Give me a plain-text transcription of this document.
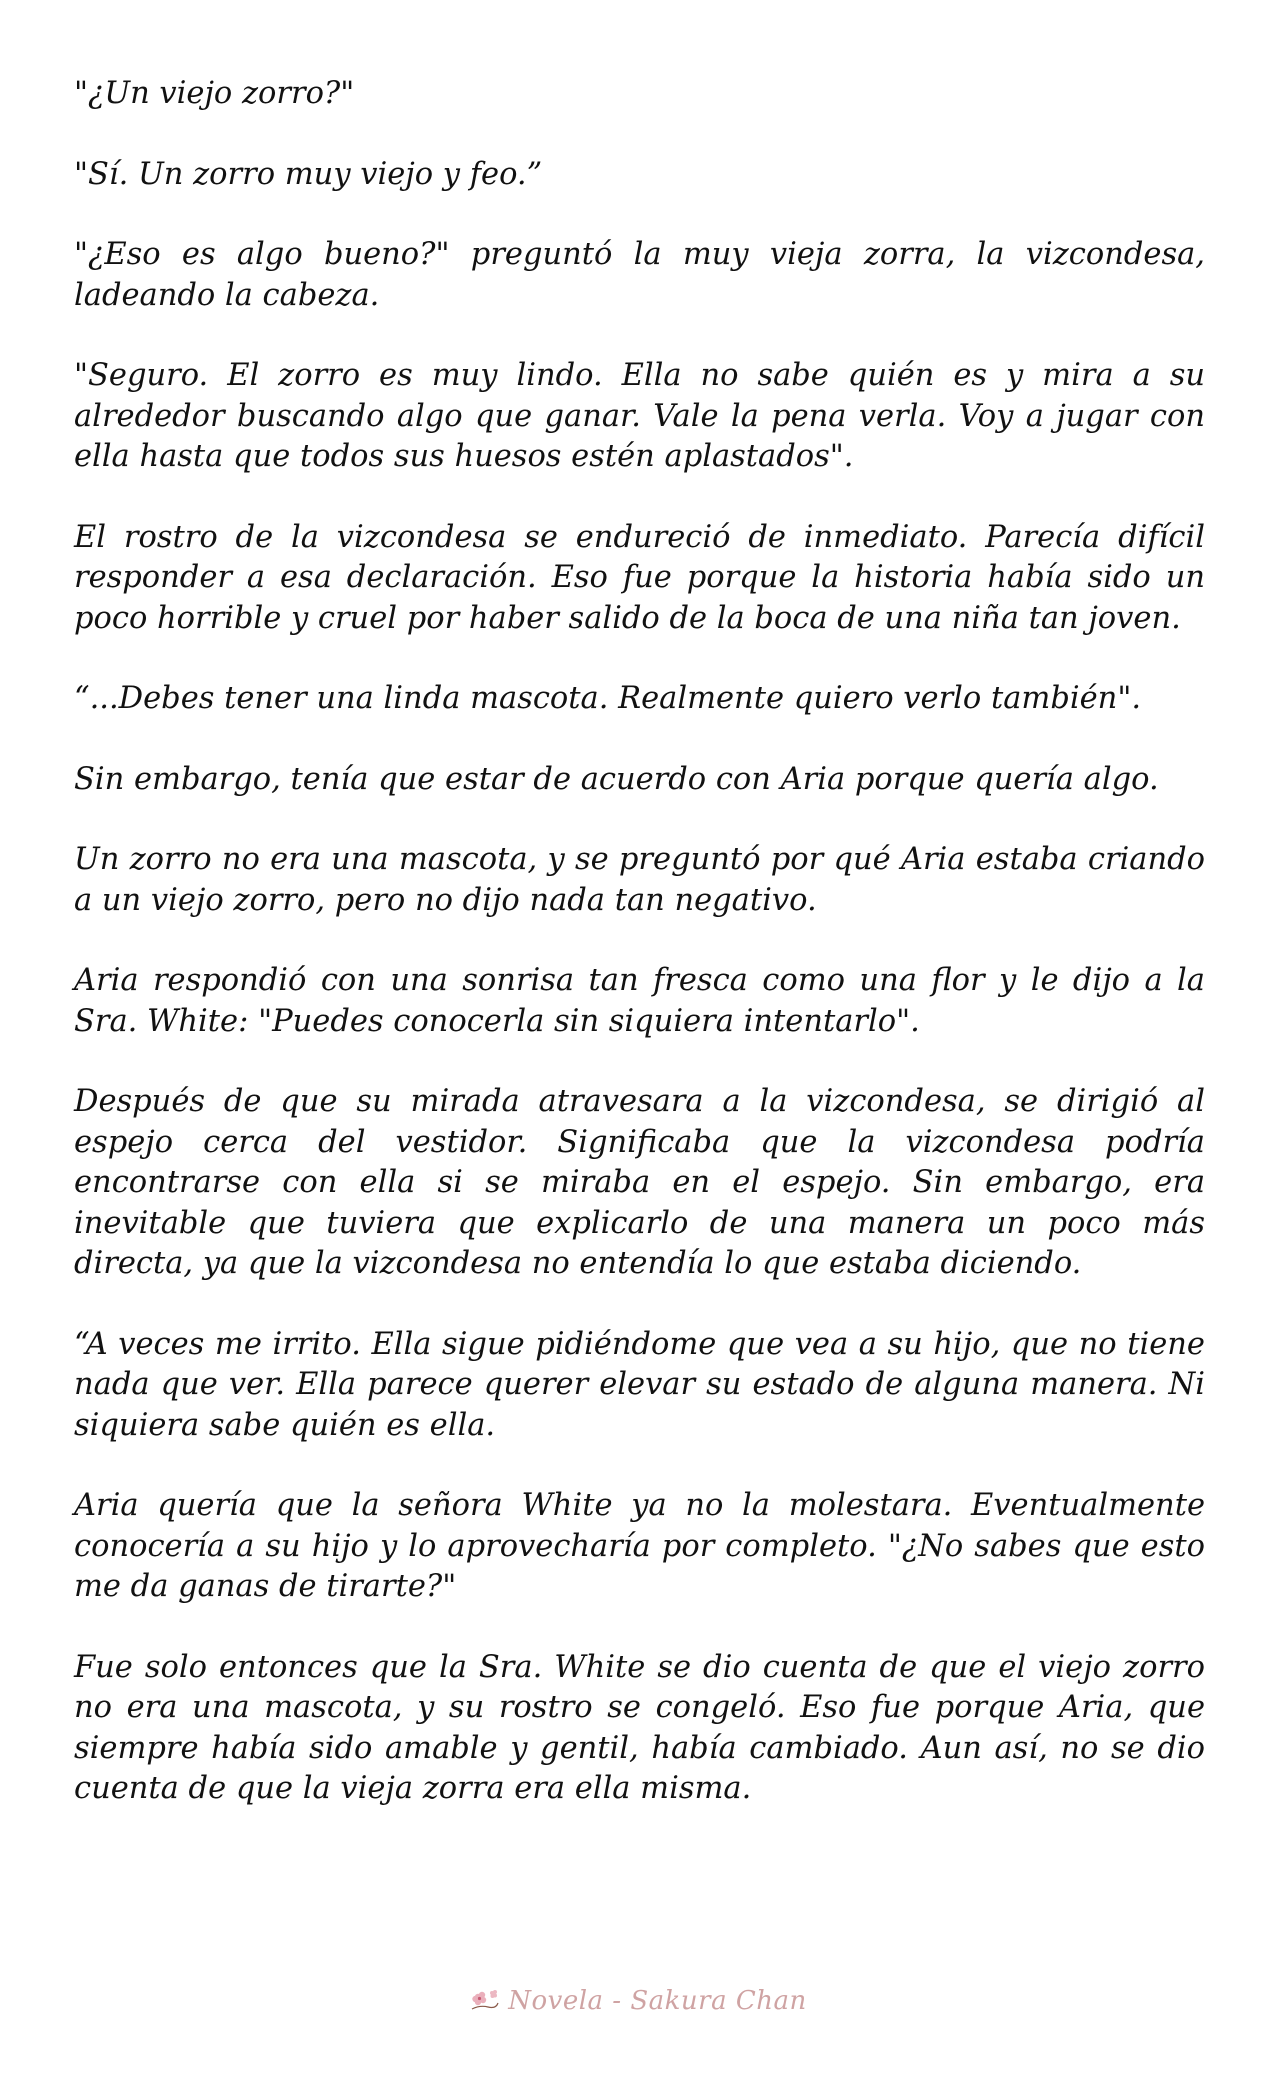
"¿Un viejo zorro?"

"Sí. Un zorro muy viejo y feo.”

"¿Eso es algo bueno?" preguntó la muy vieja zorra, la vizcondesa, ladeando la cabeza.

"Seguro. El zorro es muy lindo. Ella no sabe quién es y mira a su alrededor buscando algo que ganar. Vale la pena verla. Voy a jugar con ella hasta que todos sus huesos estén aplastados".

El rostro de la vizcondesa se endureció de inmediato. Parecía difícil responder a esa declaración. Eso fue porque la historia había sido un poco horrible y cruel por haber salido de la boca de una niña tan joven.

“...Debes tener una linda mascota. Realmente quiero verlo también".

Sin embargo, tenía que estar de acuerdo con Aria porque quería algo.

Un zorro no era una mascota, y se preguntó por qué Aria estaba criando a un viejo zorro, pero no dijo nada tan negativo.

Aria respondió con una sonrisa tan fresca como una flor y le dijo a la Sra. White: "Puedes conocerla sin siquiera intentarlo".

Después de que su mirada atravesara a la vizcondesa, se dirigió al espejo cerca del vestidor. Significaba que la vizcondesa podría encontrarse con ella si se miraba en el espejo. Sin embargo, era inevitable que tuviera que explicarlo de una manera un poco más directa, ya que la vizcondesa no entendía lo que estaba diciendo.

“A veces me irrito. Ella sigue pidiéndome que vea a su hijo, que no tiene nada que ver. Ella parece querer elevar su estado de alguna manera. Ni siquiera sabe quién es ella.

Aria quería que la señora White ya no la molestara. Eventualmente conocería a su hijo y lo aprovecharía por completo. "¿No sabes que esto me da ganas de tirarte?"

Fue solo entonces que la Sra. White se dio cuenta de que el viejo zorro no era una mascota, y su rostro se congeló. Eso fue porque Aria, que siempre había sido amable y gentil, había cambiado. Aun así, no se dio cuenta de que la vieja zorra era ella misma.

Novela - Sakura Chan
